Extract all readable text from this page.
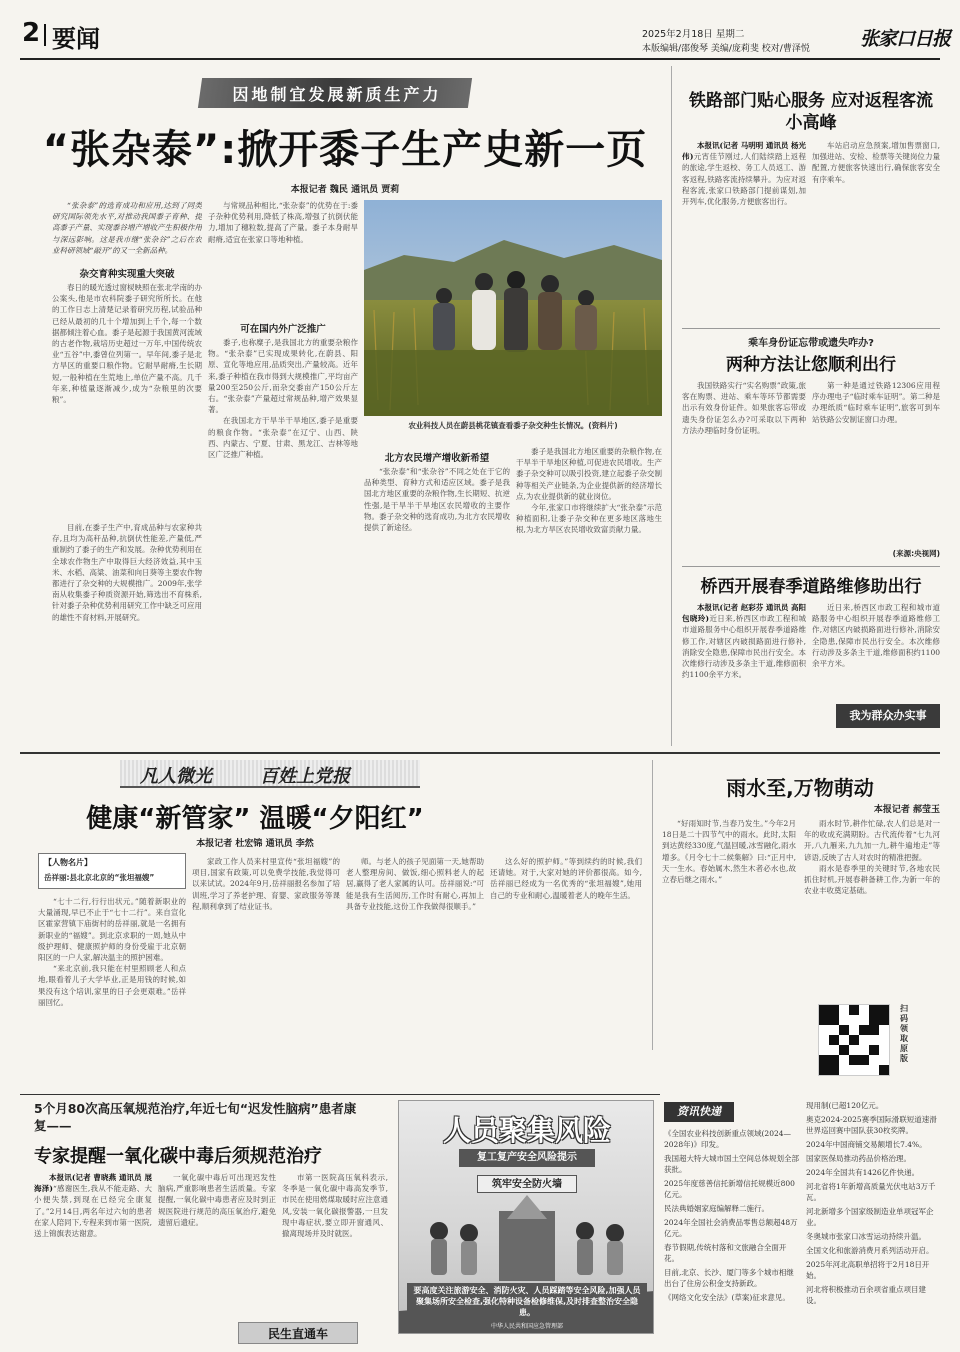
2 要闻	2025年2月18日 星期二
本版编辑/邵俊琴 美编/庞莉斐 校对/曹泽悦	张家口日报
因地制宜发展新质生产力
“张杂泰”:掀开黍子生产史新一页
本报记者 魏民 通讯员 贾莉

“张杂泰”的选育成功和应用,达到了同类研究国际领先水平,对推动我国黍子育种、提高黍子产量、实现黍谷增产增收产生积极作用与深远影响。这是我市继“张杂谷”之后在农业科研领域“敲开”的又一全新品种。

杂交育种实现重大突破

春日的暖光透过窗棂映照在张北学南的办公案头,他是市农科院黍子研究所所长。在他的工作日志上清楚记录着研究历程,试验品种已经从最初的几十个增加到上千个,每一个数据都倾注着心血。黍子是起源于我国黄河流域的古老作物,栽培历史超过一万年,中国传统农业“五谷”中,黍曾位列第一。早年间,黍子是北方旱区的重要口粮作物。它耐旱耐瘠,生长期短,一般种植在生荒地上,单位产量不高。几千年来,种植量逐渐减少,成为“杂粮里的次要粮”。

目前,在黍子生产中,育成品种与农家种共存,且均为高秆品种,抗倒伏性能差,产量低,严重制约了黍子的生产和发展。杂种优势利用在全球农作物生产中取得巨大经济效益,其中玉米、水稻、高粱、油菜和向日葵等主要农作物都进行了杂交种的大规模推广。2009年,张学南从收集黍子种质资源开始,筛选出不育株系,针对黍子杂种优势利用研究工作中缺乏可应用的雄性不育材料,开展研究。

与常规品种相比,“张杂泰”的优势在于:黍子杂种优势利用,降低了株高,增强了抗倒伏能力,增加了穗粒数,提高了产量。黍子本身耐旱耐瘠,适宜在张家口等地种植。

可在国内外广泛推广

黍子,也称糜子,是我国北方的重要杂粮作物。“张杂泰”已实现成果转化,在蔚县、阳原、宣化等地应用,品质突出,产量较高。近年来,黍子种植在我市得到大规模推广,平均亩产量200至250公斤,而杂交黍亩产150公斤左右。“张杂泰”产量超过常规品种,增产效果显著。

在我国北方干旱半干旱地区,黍子是重要的粮食作物。“张杂泰”在辽宁、山西、陕西、内蒙古、宁夏、甘肃、黑龙江、吉林等地区广泛推广种植。

农业科技人员在蔚县桃花镇查看黍子杂交种生长情况。(资料片)
北方农民增产增收新希望

“张杂泰”和“张杂谷”不同之处在于它的品种类型、育种方式和适应区域。黍子是我国北方地区重要的杂粮作物,生长期短、抗逆性强,是干旱半干旱地区农民增收的主要作物。黍子杂交种的选育成功,为北方农民增收提供了新途径。

黍子是我国北方地区重要的杂粮作物,在干旱半干旱地区种植,可促进农民增收。生产黍子杂交种可以吸引投资,建立起黍子杂交制种等相关产业链条,为企业提供新的经济增长点,为农业提供新的就业岗位。

今年,张家口市将继续扩大“张杂泰”示范种植面积,让黍子杂交种在更多地区落地生根,为北方旱区农民增收致富贡献力量。

铁路部门贴心服务 应对返程客流小高峰

本报讯(记者 马明明 通讯员 杨光伟)元宵佳节刚过,人们陆续踏上返程的旅途,学生返校、务工人员返工、游客返程,铁路客流持续攀升。为应对返程客流,张家口铁路部门提前谋划,加开列车,优化服务,方便旅客出行。

车站启动应急预案,增加售票窗口,加强进站、安检、检票等关键岗位力量配置,方便旅客快速出行,确保旅客安全有序乘车。

乘车身份证忘带或遗失咋办?
两种方法让您顺利出行

我国铁路实行“实名购票”政策,旅客在购票、进站、乘车等环节都需要出示有效身份证件。如果旅客忘带或遗失身份证怎么办?可采取以下两种方法办理临时身份证明。

第一种是通过铁路12306应用程序办理电子“临时乘车证明”。第二种是办理纸质“临时乘车证明”,旅客可到车站铁路公安制证窗口办理。

(来源:央视网)
桥西开展春季道路维修助出行

本报讯(记者 赵彩芬 通讯员 高阳 包晓玲)近日来,桥西区市政工程和城市道路服务中心组织开展春季道路维修工作,对辖区内破损路面进行修补,消除安全隐患,保障市民出行安全。本次维修行动涉及多条主干道,维修面积约1100余平方米。

近日来,桥西区市政工程和城市道路服务中心组织开展春季道路维修工作,对辖区内破损路面进行修补,消除安全隐患,保障市民出行安全。本次维修行动涉及多条主干道,维修面积约1100余平方米。

我为群众办实事
凡人微光	百姓上党报
健康“新管家” 温暖“夕阳红”
本报记者 杜宏锦 通讯员 李然
【人物名片】
岳祥丽:县北京北京的“张坦福嫂”

“七十二行,行行出状元。”随着新职业的大量涌现,早已不止于“七十二行”。来自宣化区霍家营镇下庙街村的岳祥丽,就是一名拥有新职业的“福嫂”。到北京求职的一周,她从中级护理师、健康照护师的身份受雇于北京朝阳区的一户人家,解决温主的照护困难。

“来北京前,我只能在村里照顾老人和点地,眼看着儿子大学毕业,正是用钱的时候,如果没有这个培训,家里的日子会更艰难。”岳祥丽回忆。

家政工作人员来村里宣传“张坦福嫂”的项目,国家有政策,可以免费学技能,我觉得可以来试试。2024年9月,岳祥丽报名参加了培训班,学习了养老护理、育婴、家政服务等课程,顺利拿到了结业证书。

师。与老人的孩子见面第一天,她帮助老人整理房间、做饭,细心照料老人的起居,赢得了老人家属的认可。岳祥丽说:“可能是我有生活阅历,工作时有耐心,再加上具备专业技能,这份工作我做得很顺手。”

这么好的照护师。”等到续约的时候,我们还请她。对于,大家对她的评价都很高。如今,岳祥丽已经成为一名优秀的“张坦福嫂”,她用自己的专业和耐心,温暖着老人的晚年生活。

雨水至,万物萌动
本报记者 郝莹玉

“好雨知时节,当春乃发生。”今年2月18日是二十四节气中的雨水。此时,太阳到达黄经330度,气温回暖,冰雪融化,雨水增多。《月令七十二候集解》曰:“正月中,天一生水。春始属木,然生木者必水也,故立春后继之雨水。”

雨水时节,耕作忙碌,农人们总是对一年的收成充满期盼。古代流传着“七九河开,八九雁来,九九加一九,耕牛遍地走”等谚语,反映了古人对农时的精准把握。

雨水是春季里的关键时节,各地农民抓住时机,开展春耕备耕工作,为新一年的农业丰收奠定基础。

扫码 领取 原版
5个月80次高压氧规范治疗,年近七旬“迟发性脑病”患者康复——
专家提醒一氧化碳中毒后须规范治疗

本报讯(记者 曹晓燕 通讯员 展海泽)“感谢医生,我从不能走路、大小便失禁,到现在已经完全康复了。”2月14日,两名年过六旬的患者在家人陪同下,专程来到市第一医院,送上锦旗表达谢意。

一氧化碳中毒后可出现迟发性脑病,严重影响患者生活质量。专家提醒,一氧化碳中毒患者应及时到正规医院进行规范的高压氧治疗,避免遗留后遗症。

市第一医院高压氧科表示,冬季是一氧化碳中毒高发季节,市民在使用燃煤取暖时应注意通风,安装一氧化碳报警器,一旦发现中毒症状,要立即开窗通风、撤离现场并及时就医。

人员聚集风险
复工复产安全风险提示
筑牢安全防火墙
要高度关注旅游安全、消防火灾、人员踩踏等安全风险,加强人员聚集场所安全检查,强化特种设备检修维保,及时排查整治安全隐患。
中华人民共和国应急管理部
民生直通车
资讯快递
《全国农业科技创新重点领域(2024—2028年)》印发。
我国超大特大城市国土空间总体规划全部获批。
2025年度慈善信托新增信托规模近800亿元。
民法典婚姻家庭编解释二施行。
2024年全国社会消费品零售总额超48万亿元。
春节假期,传统村落和文旅融合全面开花。
目前,北京、长沙、厦门等多个城市相继出台了住房公积金支持新政。
《网络文化安全法》(草案)征求意见。
现用制(已超120亿元。
奥克2024-2025赛季国际滑联短道速滑世界巡回赛中国队获30枚奖牌。
2024年中国商铺交易额增长7.4%。
国家医保局推动药品价格治理。
2024年全国共有1426亿件快递。
河北省将1年新增高质量光伏电站3万千瓦。
河北新增多个国家级制造业单项冠军企业。
冬奥城市张家口冰雪运动持续升温。
全国文化和旅游消费月系列活动开启。
2025年河北高职单招将于2月18日开始。
河北将积极推动百余项省重点项目建设。
